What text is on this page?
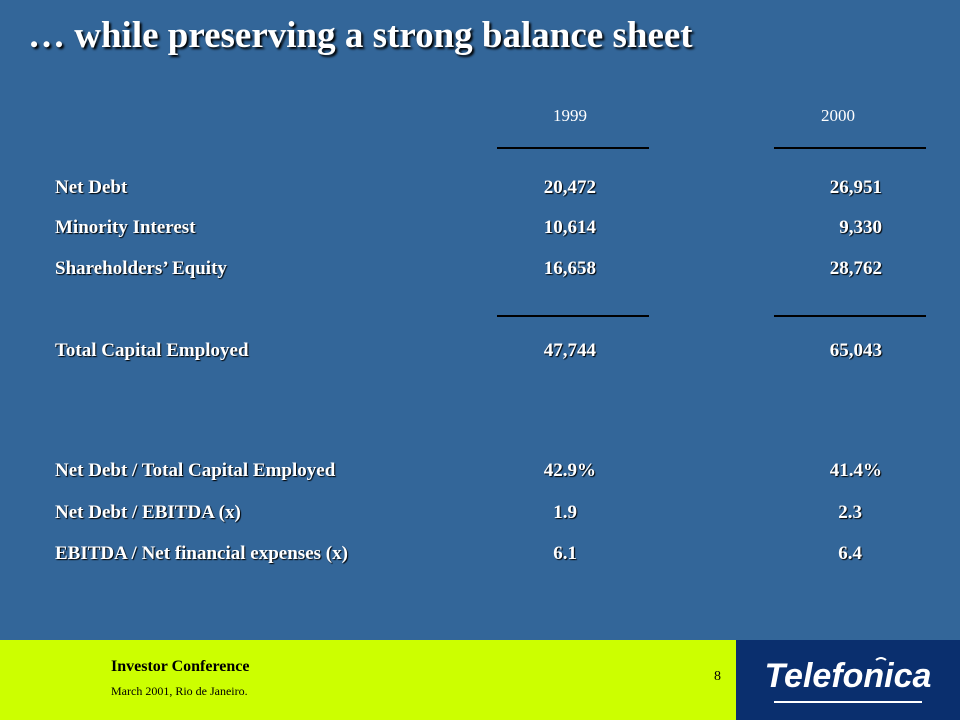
… while preserving a strong balance sheet
1999	2000
Net Debt	20,472	26,951
Minority Interest	10,614	9,330
Shareholders’ Equity	16,658	28,762
Total Capital Employed	47,744	65,043
Net Debt / Total Capital Employed	42.9%	41.4%
Net Debt / EBITDA (x)	1.9	2.3
EBITDA / Net financial expenses (x)	6.1	6.4
Investor Conference
March 2001, Rio de Janeiro.
8 Telefonica
